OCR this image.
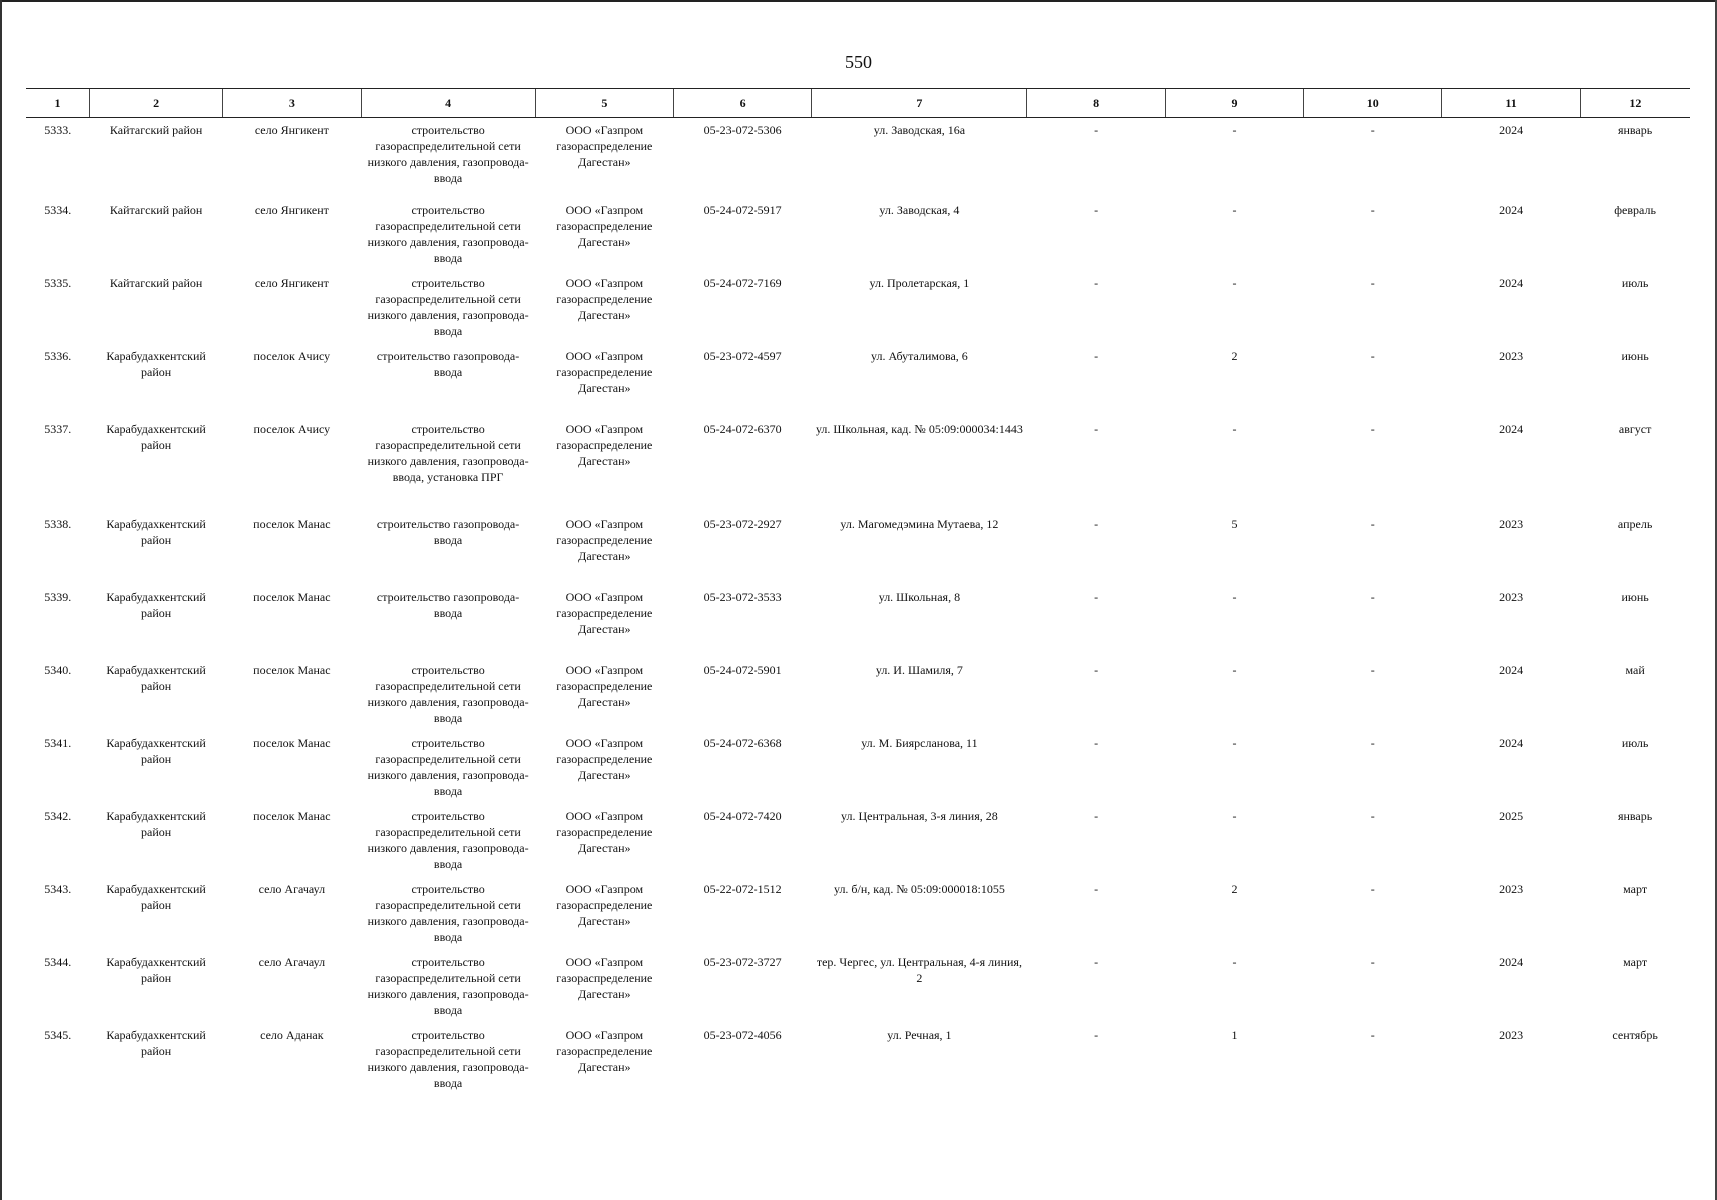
550
1	2	3	4	5	6	7	8	9	10	11	12
5333.	Кайтагский район	село Янгикент	строительство газораспределительной сети низкого давления, газопровода-ввода	ООО «Газпром газораспределение Дагестан»	05-23-072-5306	ул. Заводская, 16а	-	-	-	2024	январь
5334.	Кайтагский район	село Янгикент	строительство газораспределительной сети низкого давления, газопровода-ввода	ООО «Газпром газораспределение Дагестан»	05-24-072-5917	ул. Заводская, 4	-	-	-	2024	февраль
5335.	Кайтагский район	село Янгикент	строительство газораспределительной сети низкого давления, газопровода-ввода	ООО «Газпром газораспределение Дагестан»	05-24-072-7169	ул. Пролетарская, 1	-	-	-	2024	июль
5336.	Карабудахкентский район	поселок Ачису	строительство газопровода-ввода	ООО «Газпром газораспределение Дагестан»	05-23-072-4597	ул. Абуталимова, 6	-	2	-	2023	июнь
5337.	Карабудахкентский район	поселок Ачису	строительство газораспределительной сети низкого давления, газопровода-ввода, установка ПРГ	ООО «Газпром газораспределение Дагестан»	05-24-072-6370	ул. Школьная, кад. № 05:09:000034:1443	-	-	-	2024	август
5338.	Карабудахкентский район	поселок Манас	строительство газопровода-ввода	ООО «Газпром газораспределение Дагестан»	05-23-072-2927	ул. Магомедэмина Мутаева, 12	-	5	-	2023	апрель
5339.	Карабудахкентский район	поселок Манас	строительство газопровода-ввода	ООО «Газпром газораспределение Дагестан»	05-23-072-3533	ул. Школьная, 8	-	-	-	2023	июнь
5340.	Карабудахкентский район	поселок Манас	строительство газораспределительной сети низкого давления, газопровода-ввода	ООО «Газпром газораспределение Дагестан»	05-24-072-5901	ул. И. Шамиля, 7	-	-	-	2024	май
5341.	Карабудахкентский район	поселок Манас	строительство газораспределительной сети низкого давления, газопровода-ввода	ООО «Газпром газораспределение Дагестан»	05-24-072-6368	ул. М. Биярсланова, 11	-	-	-	2024	июль
5342.	Карабудахкентский район	поселок Манас	строительство газораспределительной сети низкого давления, газопровода-ввода	ООО «Газпром газораспределение Дагестан»	05-24-072-7420	ул. Центральная, 3-я линия, 28	-	-	-	2025	январь
5343.	Карабудахкентский район	село Агачаул	строительство газораспределительной сети низкого давления, газопровода-ввода	ООО «Газпром газораспределение Дагестан»	05-22-072-1512	ул. б/н, кад. № 05:09:000018:1055	-	2	-	2023	март
5344.	Карабудахкентский район	село Агачаул	строительство газораспределительной сети низкого давления, газопровода-ввода	ООО «Газпром газораспределение Дагестан»	05-23-072-3727	тер. Чергес, ул. Центральная, 4-я линия, 2	-	-	-	2024	март
5345.	Карабудахкентский район	село Аданак	строительство газораспределительной сети низкого давления, газопровода-ввода	ООО «Газпром газораспределение Дагестан»	05-23-072-4056	ул. Речная, 1	-	1	-	2023	сентябрь
